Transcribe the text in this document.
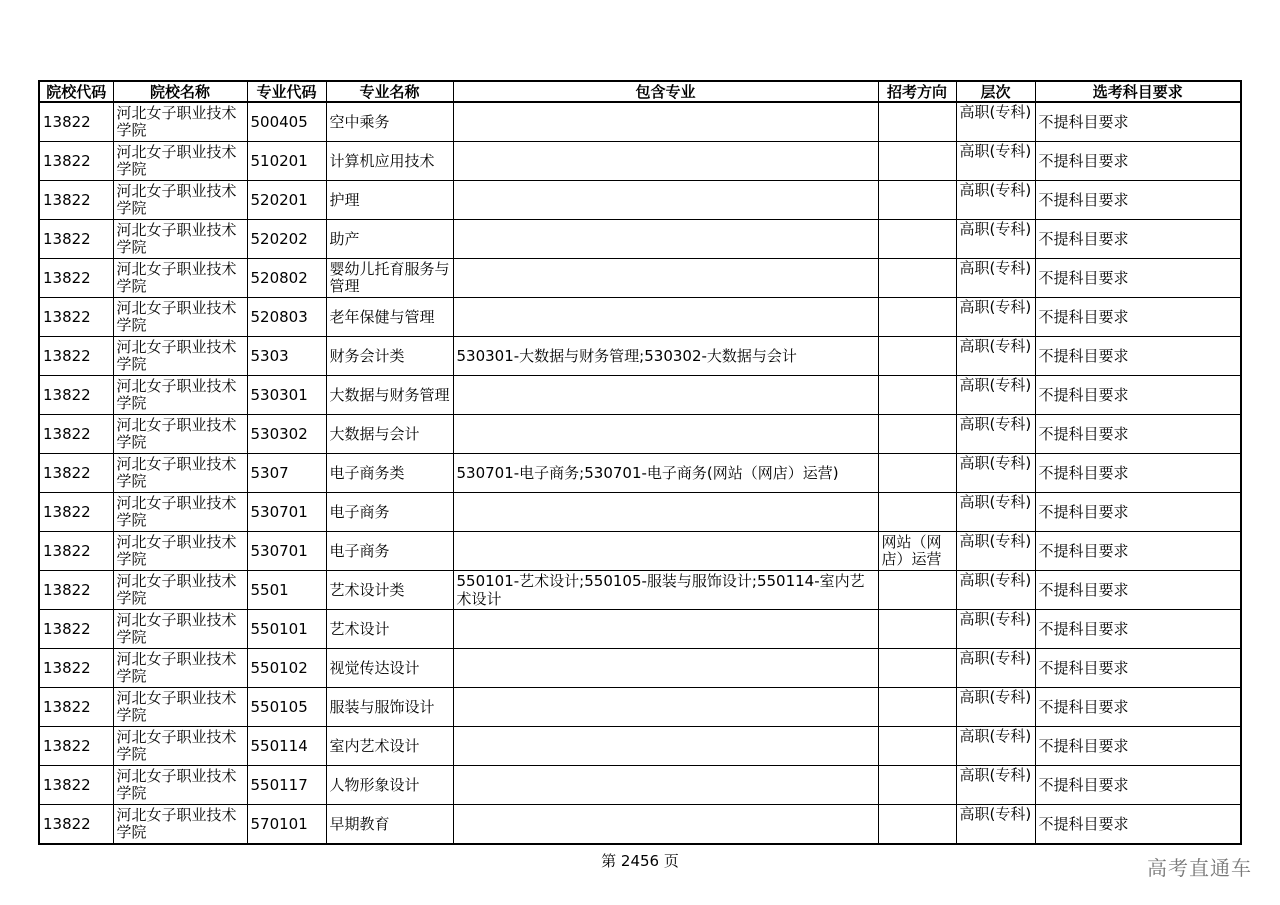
院校代码	院校名称	专业代码	专业名称	包含专业	招考方向	层次	选考科目要求
13822	河北女子职业技术学院	500405	空中乘务			高职(专科)	不提科目要求
13822	河北女子职业技术学院	510201	计算机应用技术			高职(专科)	不提科目要求
13822	河北女子职业技术学院	520201	护理			高职(专科)	不提科目要求
13822	河北女子职业技术学院	520202	助产			高职(专科)	不提科目要求
13822	河北女子职业技术学院	520802	婴幼儿托育服务与管理			高职(专科)	不提科目要求
13822	河北女子职业技术学院	520803	老年保健与管理			高职(专科)	不提科目要求
13822	河北女子职业技术学院	5303	财务会计类	530301-大数据与财务管理;530302-大数据与会计		高职(专科)	不提科目要求
13822	河北女子职业技术学院	530301	大数据与财务管理			高职(专科)	不提科目要求
13822	河北女子职业技术学院	530302	大数据与会计			高职(专科)	不提科目要求
13822	河北女子职业技术学院	5307	电子商务类	530701-电子商务;530701-电子商务(网站（网店）运营)		高职(专科)	不提科目要求
13822	河北女子职业技术学院	530701	电子商务			高职(专科)	不提科目要求
13822	河北女子职业技术学院	530701	电子商务		网站（网店）运营	高职(专科)	不提科目要求
13822	河北女子职业技术学院	5501	艺术设计类	550101-艺术设计;550105-服装与服饰设计;550114-室内艺术设计		高职(专科)	不提科目要求
13822	河北女子职业技术学院	550101	艺术设计			高职(专科)	不提科目要求
13822	河北女子职业技术学院	550102	视觉传达设计			高职(专科)	不提科目要求
13822	河北女子职业技术学院	550105	服装与服饰设计			高职(专科)	不提科目要求
13822	河北女子职业技术学院	550114	室内艺术设计			高职(专科)	不提科目要求
13822	河北女子职业技术学院	550117	人物形象设计			高职(专科)	不提科目要求
13822	河北女子职业技术学院	570101	早期教育			高职(专科)	不提科目要求
第 2456 页	高考直通车
